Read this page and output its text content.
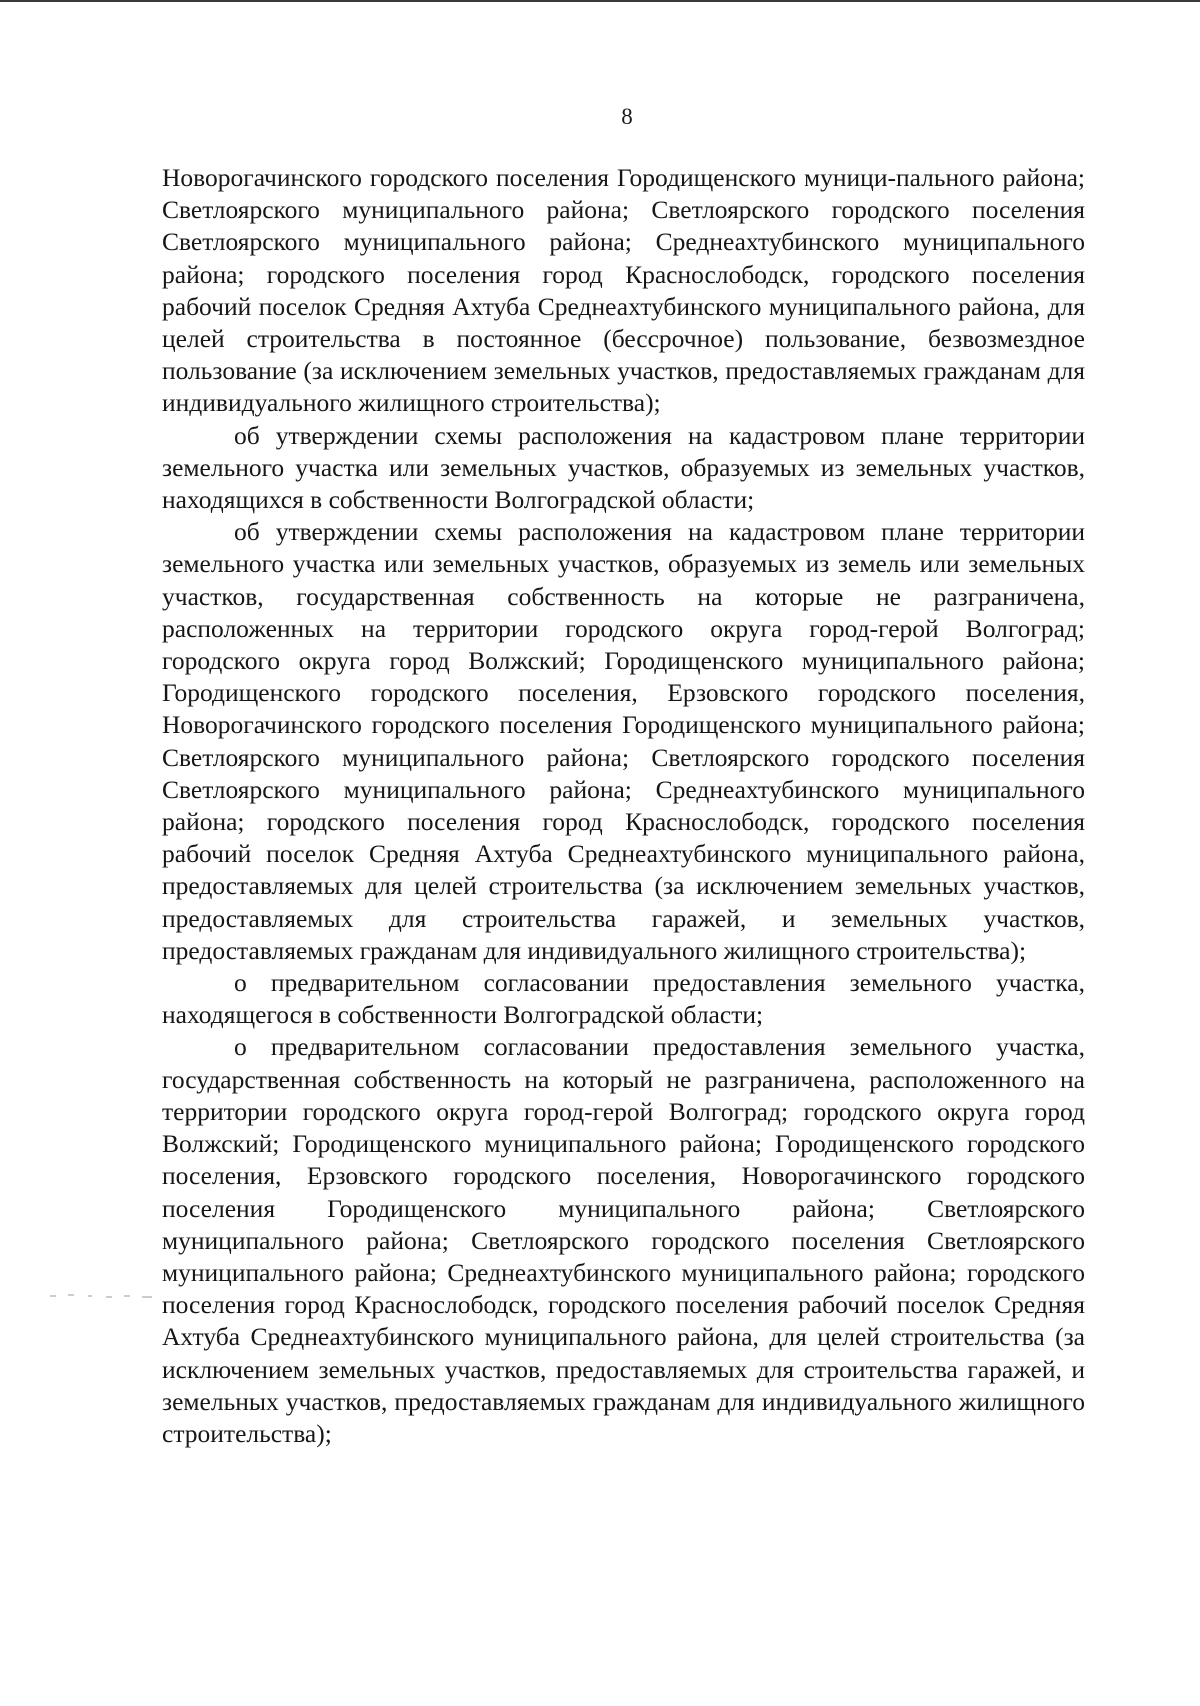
8

Новорогачинского городского поселения Городищенского муници-пального района; Светлоярского муниципального района; Светлоярского городского поселения Светлоярского муниципального района; Среднеахтубинского муниципального района; городского поселения город Краснослободск, городского поселения рабочий поселок Средняя Ахтуба Среднеахтубинского муниципального района, для целей строительства в постоянное (бессрочное) пользование, безвозмездное пользование (за исключением земельных участков, предоставляемых гражданам для индивидуального жилищного строительства);

об утверждении схемы расположения на кадастровом плане территории земельного участка или земельных участков, образуемых из земельных участков, находящихся в собственности Волгоградской области;

об утверждении схемы расположения на кадастровом плане территории земельного участка или земельных участков, образуемых из земель или земельных участков, государственная собственность на которые не разграничена, расположенных на территории городского округа город-герой Волгоград; городского округа город Волжский; Городищенского муниципального района; Городищенского городского поселения, Ерзовского городского поселения, Новорогачинского городского поселения Городищенского муниципального района; Светлоярского муниципального района; Светлоярского городского поселения Светлоярского муниципального района; Среднеахтубинского муниципального района; городского поселения город Краснослободск, городского поселения рабочий поселок Средняя Ахтуба Среднеахтубинского муниципального района, предоставляемых для целей строительства (за исключением земельных участков, предоставляемых для строительства гаражей, и земельных участков, предоставляемых гражданам для индивидуального жилищного строительства);

о предварительном согласовании предоставления земельного участка, находящегося в собственности Волгоградской области;

о предварительном согласовании предоставления земельного участка, государственная собственность на который не разграничена, расположенного на территории городского округа город-герой Волгоград; городского округа город Волжский; Городищенского муниципального района; Городищенского городского поселения, Ерзовского городского поселения, Новорогачинского городского поселения Городищенского муниципального района; Светлоярского муниципального района; Светлоярского городского поселения Светлоярского муниципального района; Среднеахтубинского муниципального района; городского поселения город Краснослободск, городского поселения рабочий поселок Средняя Ахтуба Среднеахтубинского муниципального района, для целей строительства (за исключением земельных участков, предоставляемых для строительства гаражей, и земельных участков, предоставляемых гражданам для индивидуального жилищного строительства);
